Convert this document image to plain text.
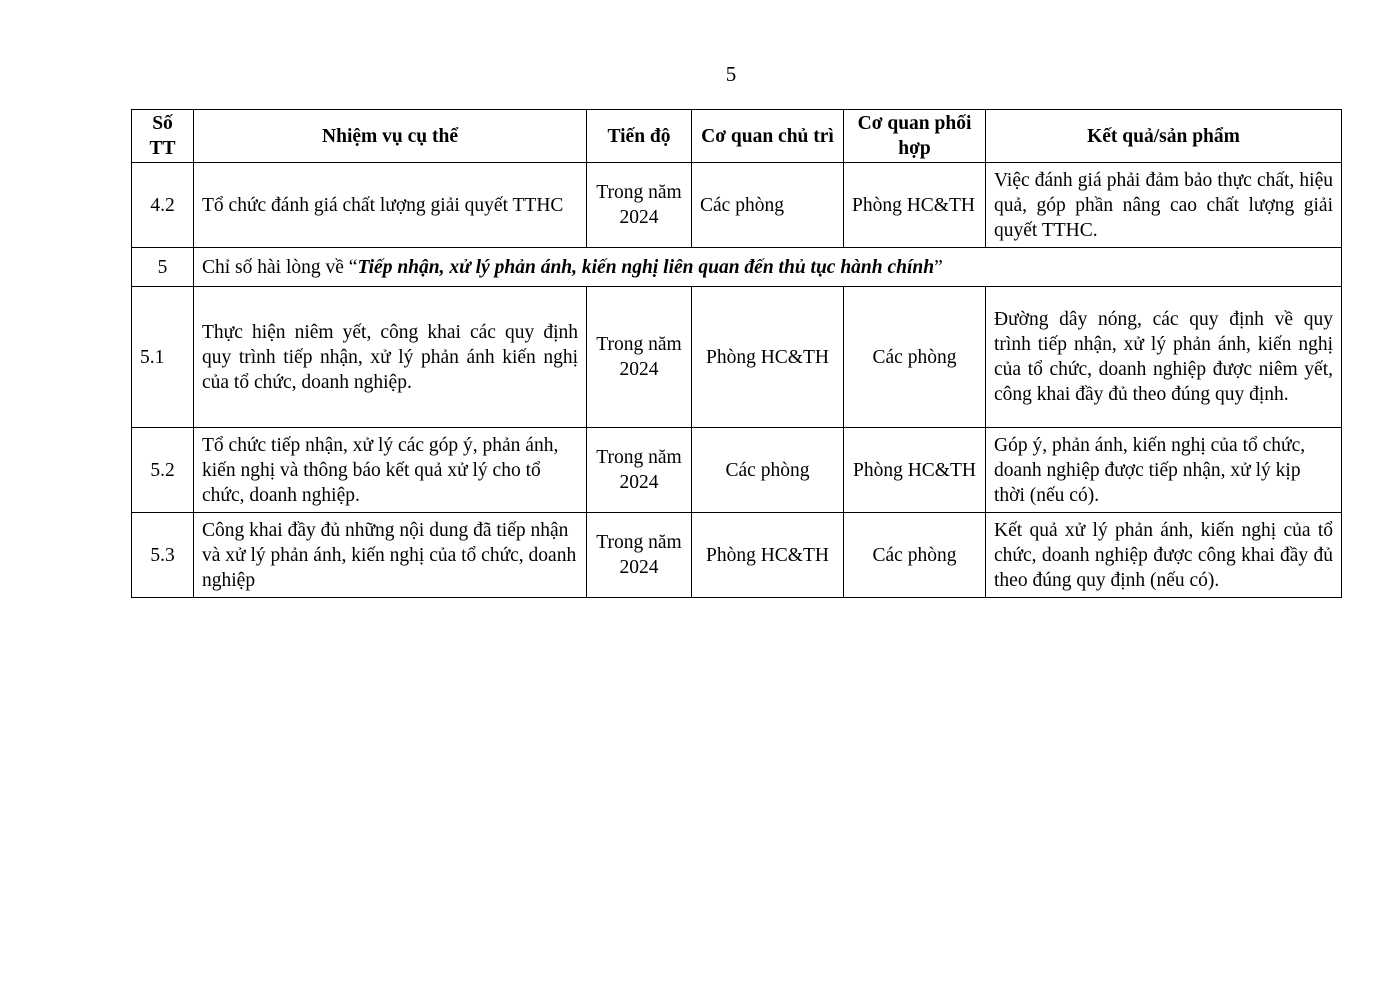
5
Số TT	Nhiệm vụ cụ thể	Tiến độ	Cơ quan chủ trì	Cơ quan phối hợp	Kết quả/sản phẩm
4.2	Tổ chức đánh giá chất lượng giải quyết TTHC	Trong năm 2024	Các phòng	Phòng HC&TH	Việc đánh giá phải đảm bảo thực chất, hiệu quả, góp phần nâng cao chất lượng giải quyết TTHC.
5	Chỉ số hài lòng về “Tiếp nhận, xử lý phản ánh, kiến nghị liên quan đến thủ tục hành chính”				
5.1	Thực hiện niêm yết, công khai các quy định quy trình tiếp nhận, xử lý phản ánh kiến nghị của tổ chức, doanh nghiệp.	Trong năm 2024	Phòng HC&TH	Các phòng	Đường dây nóng, các quy định về quy trình tiếp nhận, xử lý phản ánh, kiến nghị của tổ chức, doanh nghiệp được niêm yết, công khai đầy đủ theo đúng quy định.
5.2	Tổ chức tiếp nhận, xử lý các góp ý, phản ánh, kiến nghị và thông báo kết quả xử lý cho tổ chức, doanh nghiệp.	Trong năm 2024	Các phòng	Phòng HC&TH	Góp ý, phản ánh, kiến nghị của tổ chức, doanh nghiệp được tiếp nhận, xử lý kịp thời (nếu có).
5.3	Công khai đầy đủ những nội dung đã tiếp nhận và xử lý phản ánh, kiến nghị của tổ chức, doanh nghiệp	Trong năm 2024	Phòng HC&TH	Các phòng	Kết quả xử lý phản ánh, kiến nghị của tổ chức, doanh nghiệp được công khai đầy đủ theo đúng quy định (nếu có).
